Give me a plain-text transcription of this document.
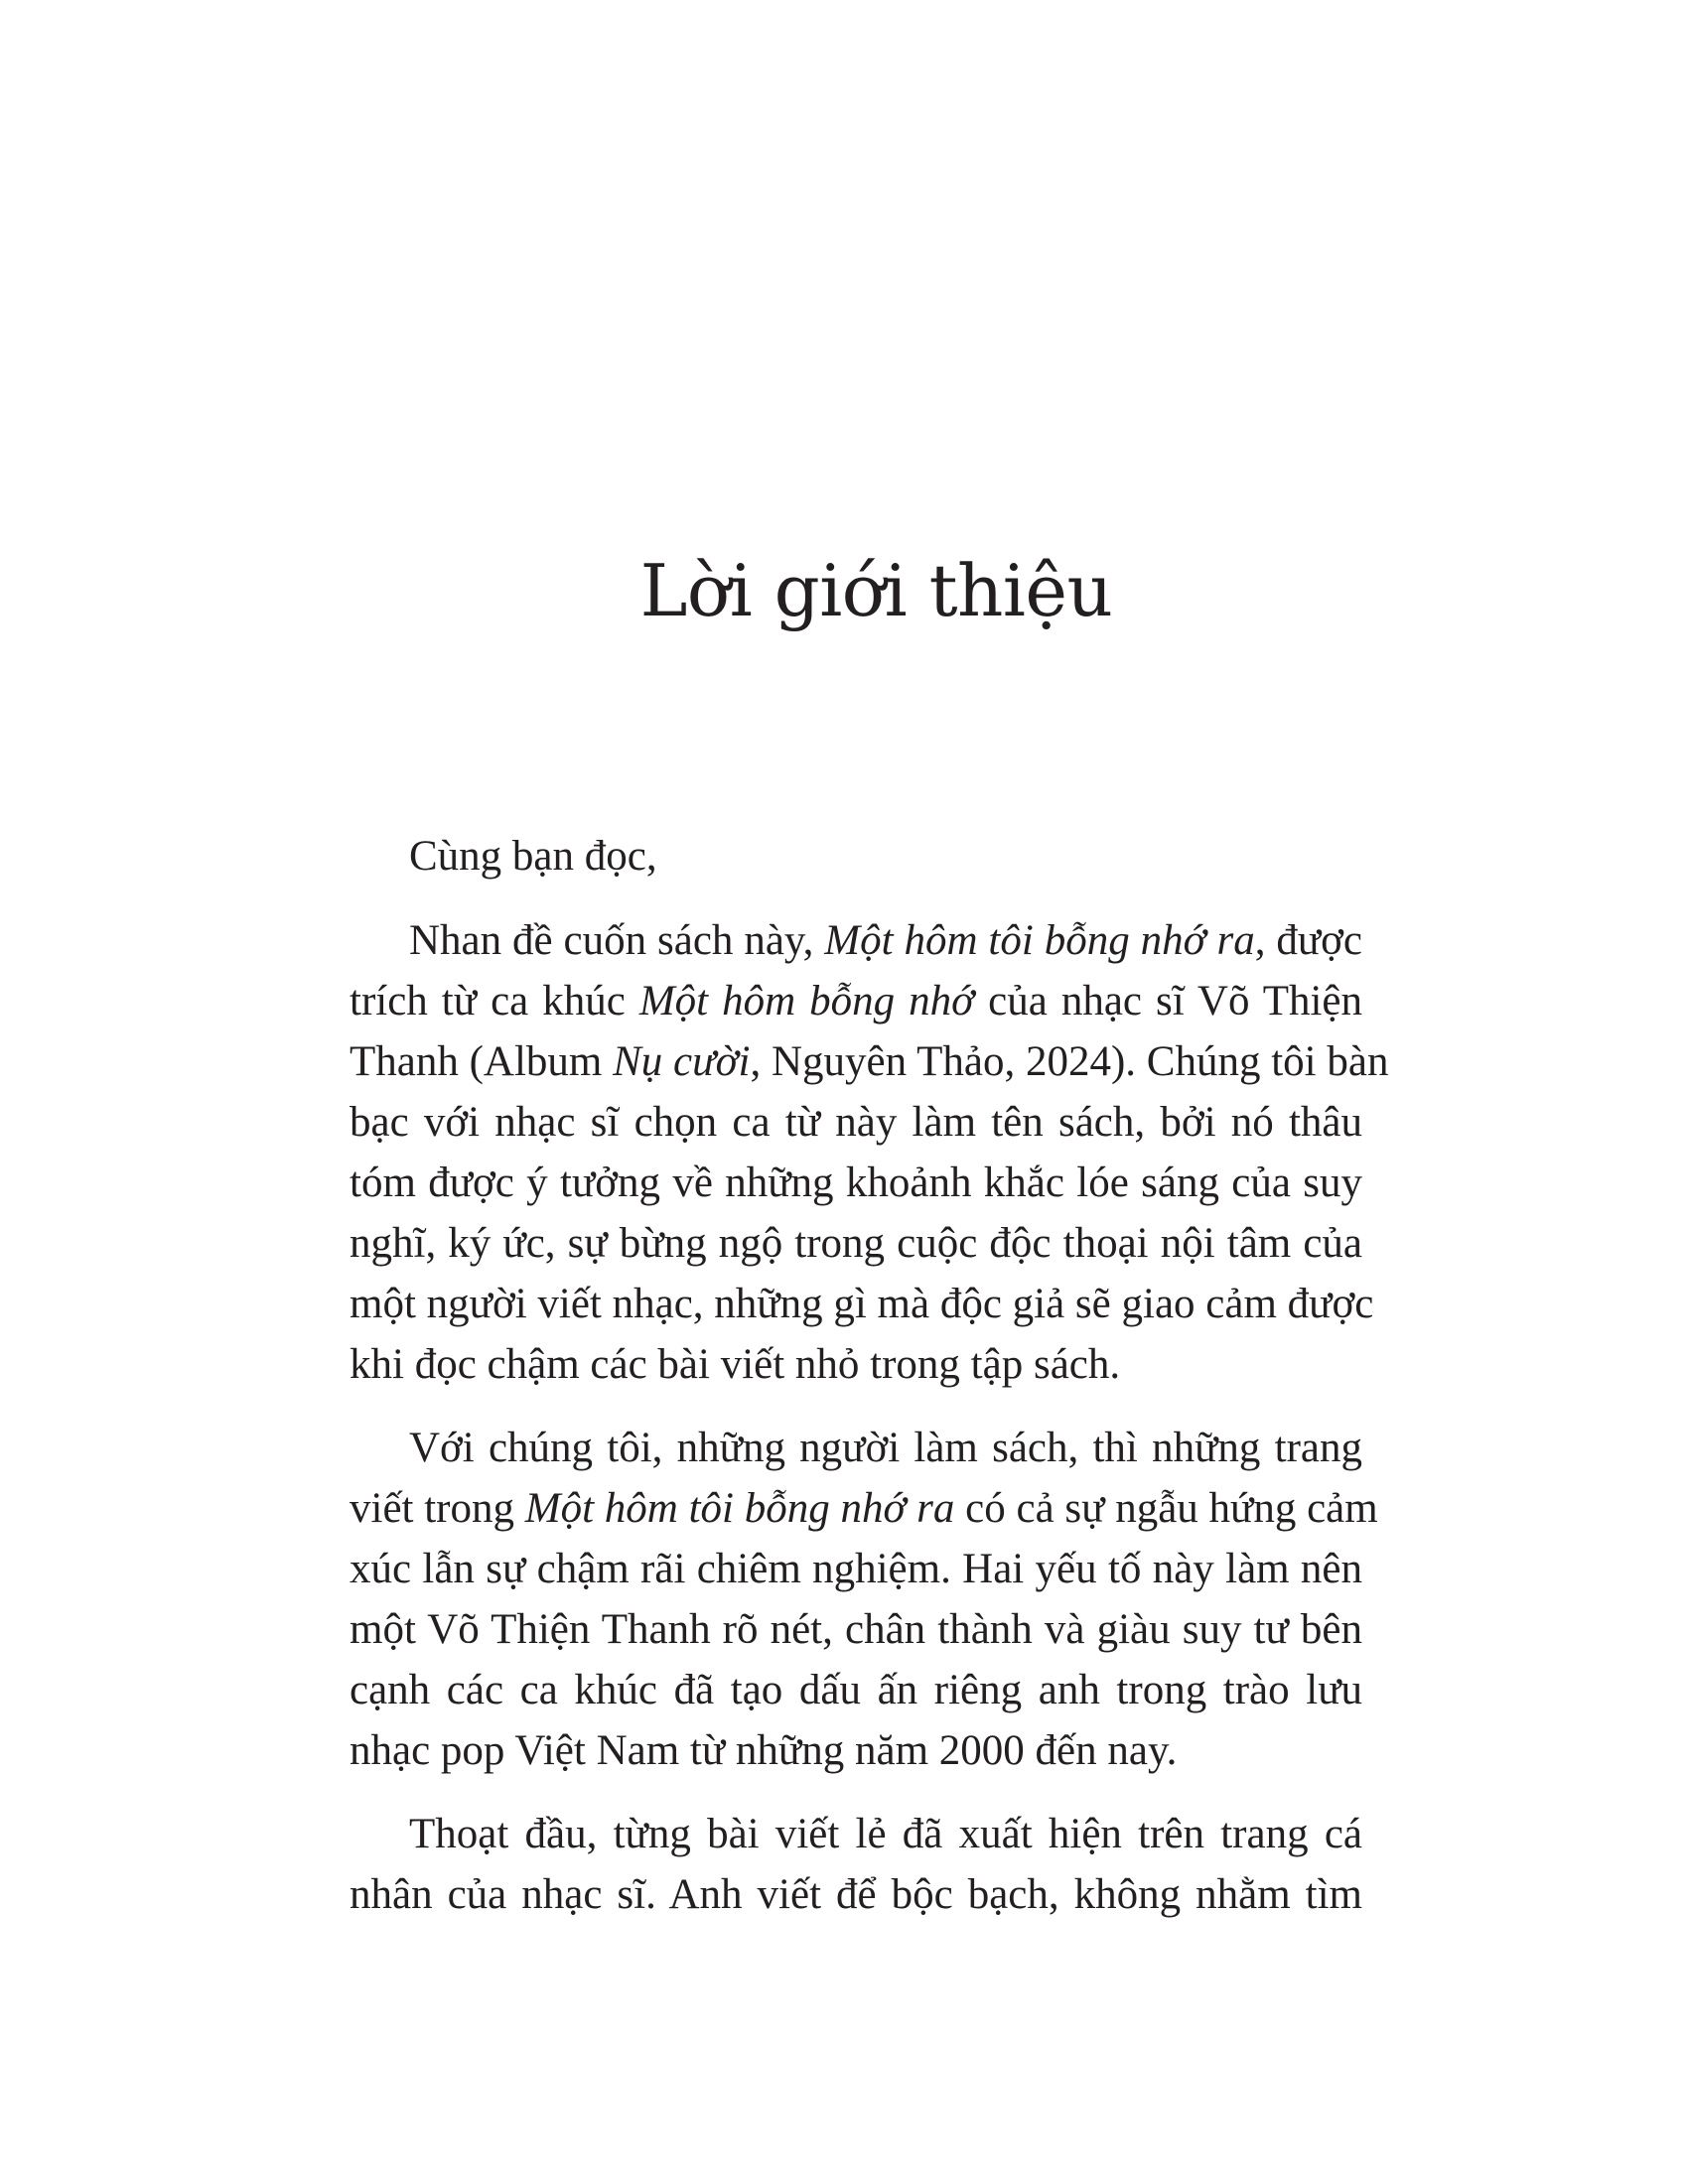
Lời giới thiệu

Cùng bạn đọc,

Nhan đề cuốn sách này, Một hôm tôi bỗng nhớ ra, được
trích từ ca khúc Một hôm bỗng nhớ của nhạc sĩ Võ Thiện
Thanh (Album Nụ cười, Nguyên Thảo, 2024). Chúng tôi bàn
bạc với nhạc sĩ chọn ca từ này làm tên sách, bởi nó thâu
tóm được ý tưởng về những khoảnh khắc lóe sáng của suy
nghĩ, ký ức, sự bừng ngộ trong cuộc độc thoại nội tâm của
một người viết nhạc, những gì mà độc giả sẽ giao cảm được
khi đọc chậm các bài viết nhỏ trong tập sách.

Với chúng tôi, những người làm sách, thì những trang
viết trong Một hôm tôi bỗng nhớ ra có cả sự ngẫu hứng cảm
xúc lẫn sự chậm rãi chiêm nghiệm. Hai yếu tố này làm nên
một Võ Thiện Thanh rõ nét, chân thành và giàu suy tư bên
cạnh các ca khúc đã tạo dấu ấn riêng anh trong trào lưu
nhạc pop Việt Nam từ những năm 2000 đến nay.

Thoạt đầu, từng bài viết lẻ đã xuất hiện trên trang cá
nhân của nhạc sĩ. Anh viết để bộc bạch, không nhằm tìm
